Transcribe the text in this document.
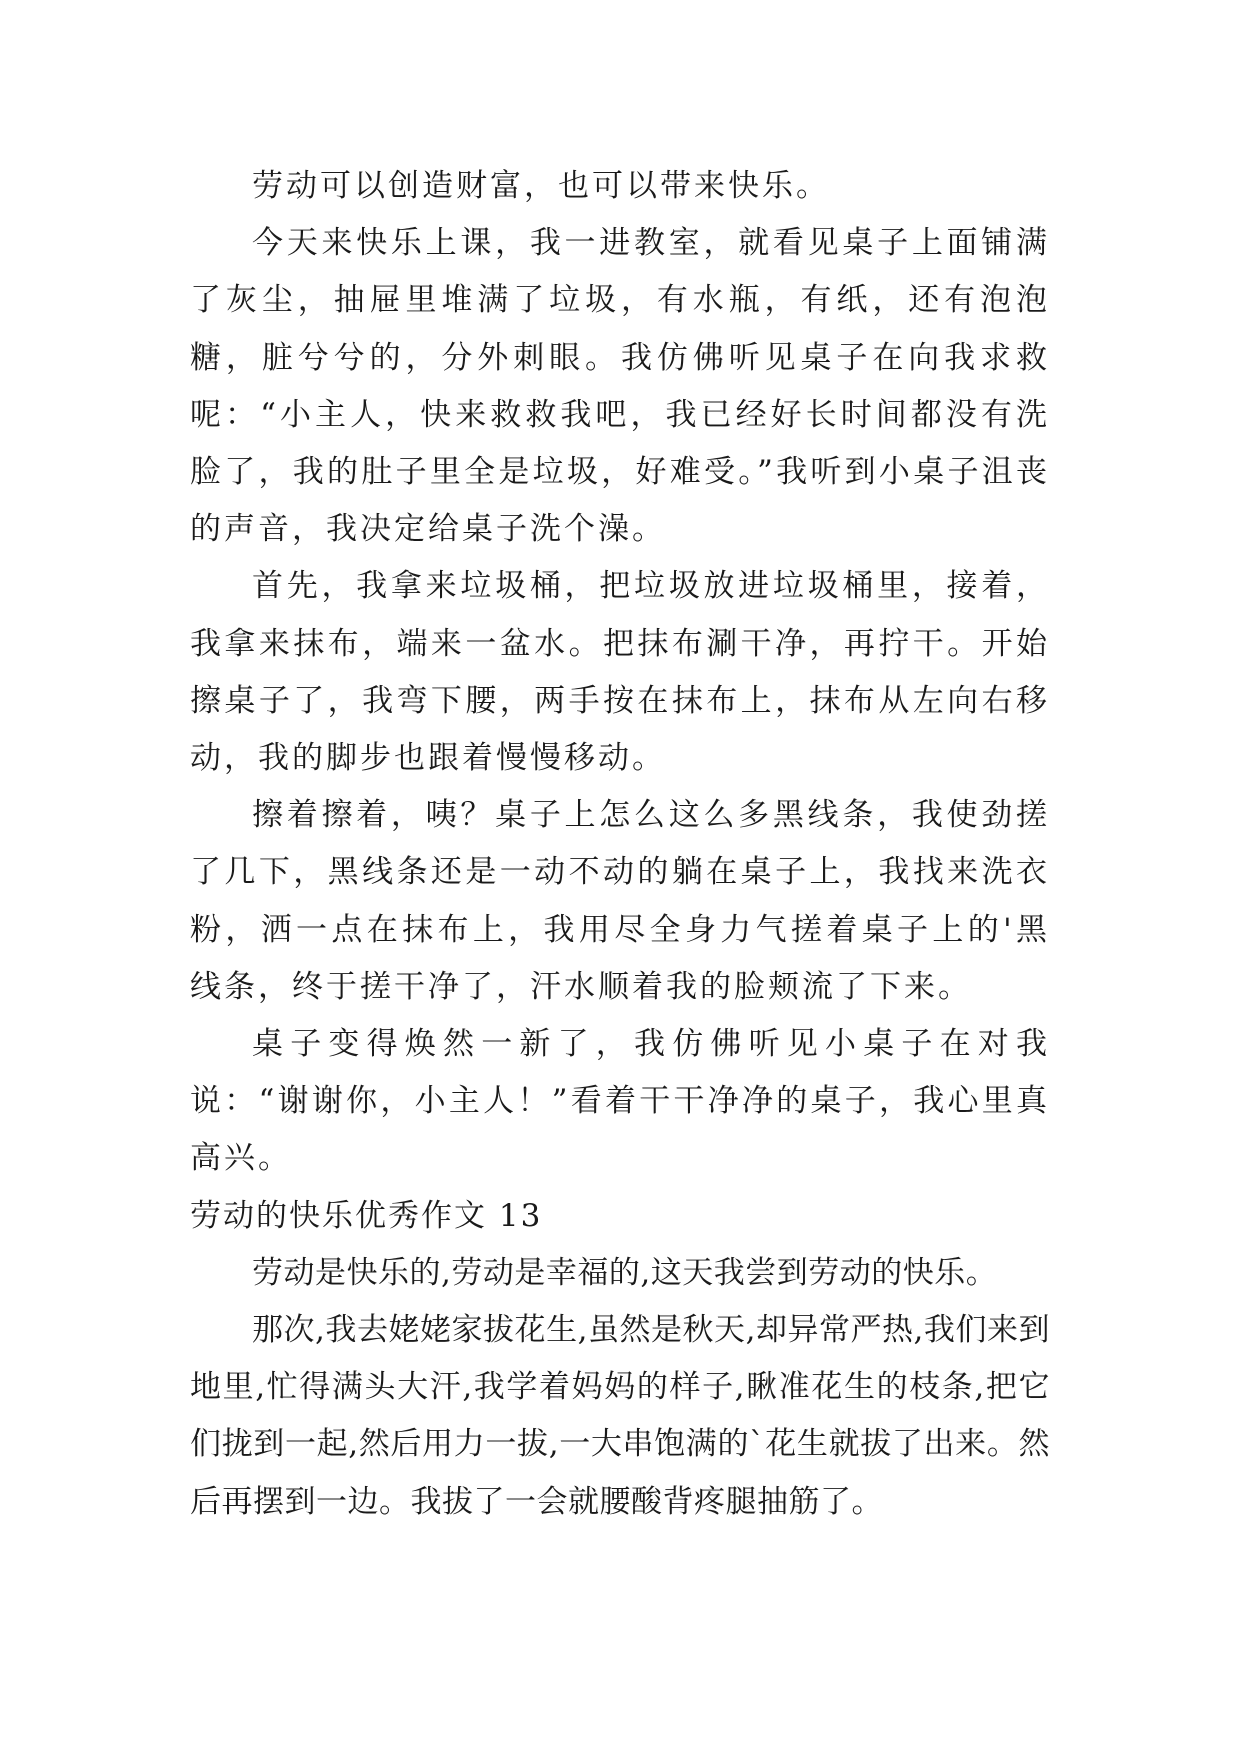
劳动可以创造财富，也可以带来快乐。

今天来快乐上课，我一进教室，就看见桌子上面铺满了灰尘，抽屉里堆满了垃圾，有水瓶，有纸，还有泡泡糖，脏兮兮的，分外刺眼。我仿佛听见桌子在向我求救呢：“小主人，快来救救我吧，我已经好长时间都没有洗脸了，我的肚子里全是垃圾，好难受。”我听到小桌子沮丧的声音，我决定给桌子洗个澡。

首先，我拿来垃圾桶，把垃圾放进垃圾桶里，接着，我拿来抹布，端来一盆水。把抹布涮干净，再拧干。开始擦桌子了，我弯下腰，两手按在抹布上，抹布从左向右移动，我的脚步也跟着慢慢移动。

擦着擦着，咦？桌子上怎么这么多黑线条，我使劲搓了几下，黑线条还是一动不动的躺在桌子上，我找来洗衣粉，洒一点在抹布上，我用尽全身力气搓着桌子上的'黑线条，终于搓干净了，汗水顺着我的脸颊流了下来。

桌子变得焕然一新了，我仿佛听见小桌子在对我说：“谢谢你，小主人！”看着干干净净的桌子，我心里真高兴。

劳动的快乐优秀作文 13

劳动是快乐的,劳动是幸福的,这天我尝到劳动的快乐。

那次,我去姥姥家拔花生,虽然是秋天,却异常严热,我们来到地里,忙得满头大汗,我学着妈妈的样子,瞅准花生的枝条,把它们拢到一起,然后用力一拔,一大串饱满的`花生就拔了出来。然后再摆到一边。我拔了一会就腰酸背疼腿抽筋了。
